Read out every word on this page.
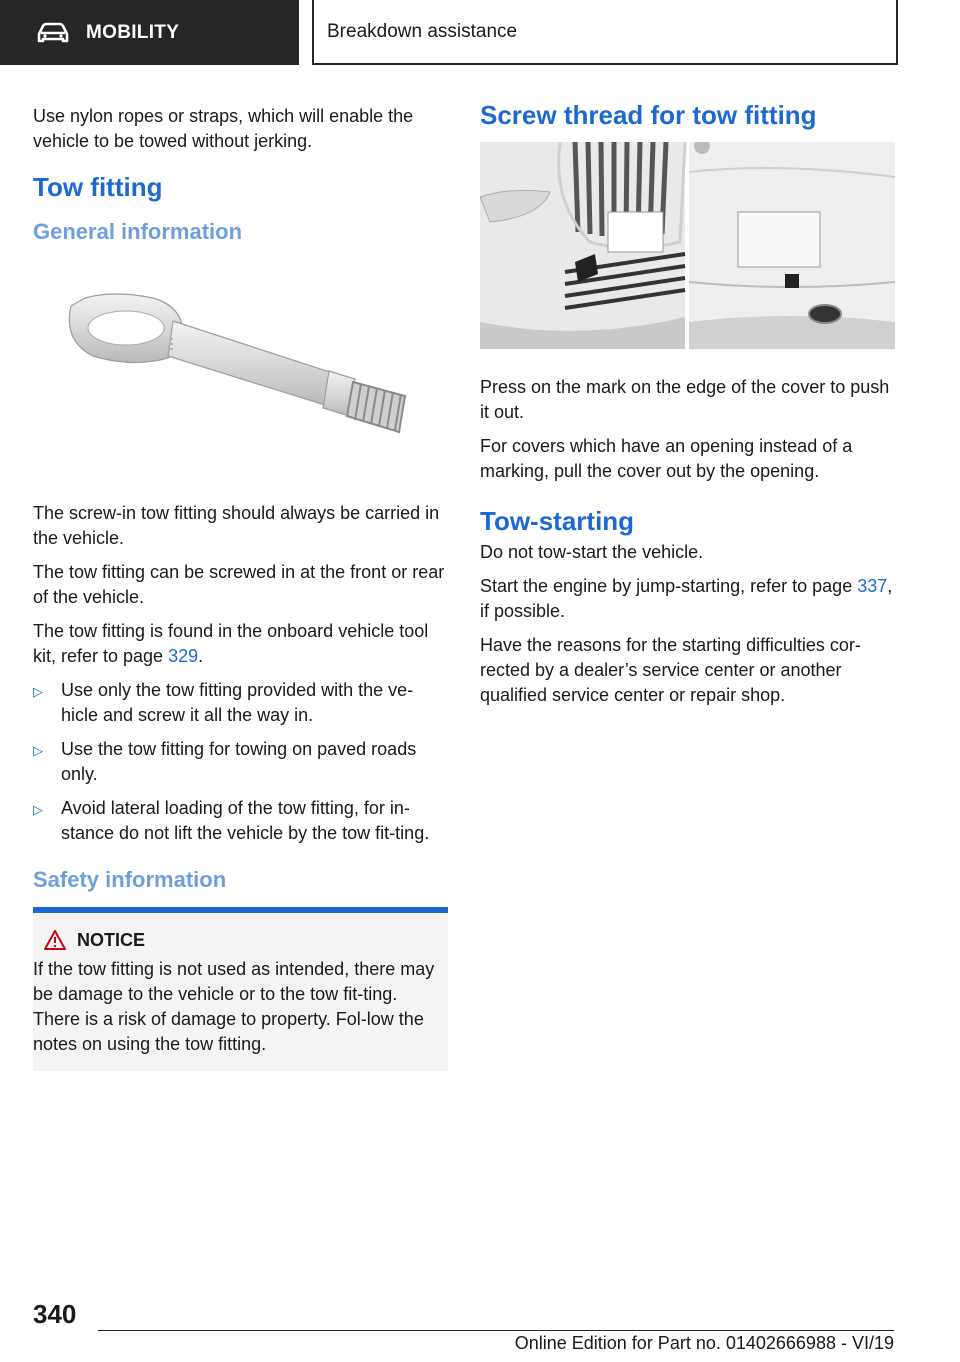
MOBILITY	Breakdown assistance

Use nylon ropes or straps, which will enable the vehicle to be towed without jerking.

Tow fitting
General information

The screw-in tow fitting should always be carried in the vehicle.

The tow fitting can be screwed in at the front or rear of the vehicle.

The tow fitting is found in the onboard vehicle tool kit, refer to page 329.

▷ Use only the tow fitting provided with the ve‐hicle and screw it all the way in.
▷ Use the tow fitting for towing on paved roads only.
▷ Avoid lateral loading of the tow fitting, for in‐stance do not lift the vehicle by the tow fit‐ting.
Safety information
NOTICE

If the tow fitting is not used as intended, there may be damage to the vehicle or to the tow fit‐ting. There is a risk of damage to property. Fol‐low the notes on using the tow fitting.

Screw thread for tow fitting

Press on the mark on the edge of the cover to push it out.

For covers which have an opening instead of a marking, pull the cover out by the opening.

Tow-starting

Do not tow-start the vehicle.

Start the engine by jump-starting, refer to page 337, if possible.

Have the reasons for the starting difficulties cor‐rected by a dealer’s service center or another qualified service center or repair shop.

340
Online Edition for Part no. 01402666988 - VI/19
